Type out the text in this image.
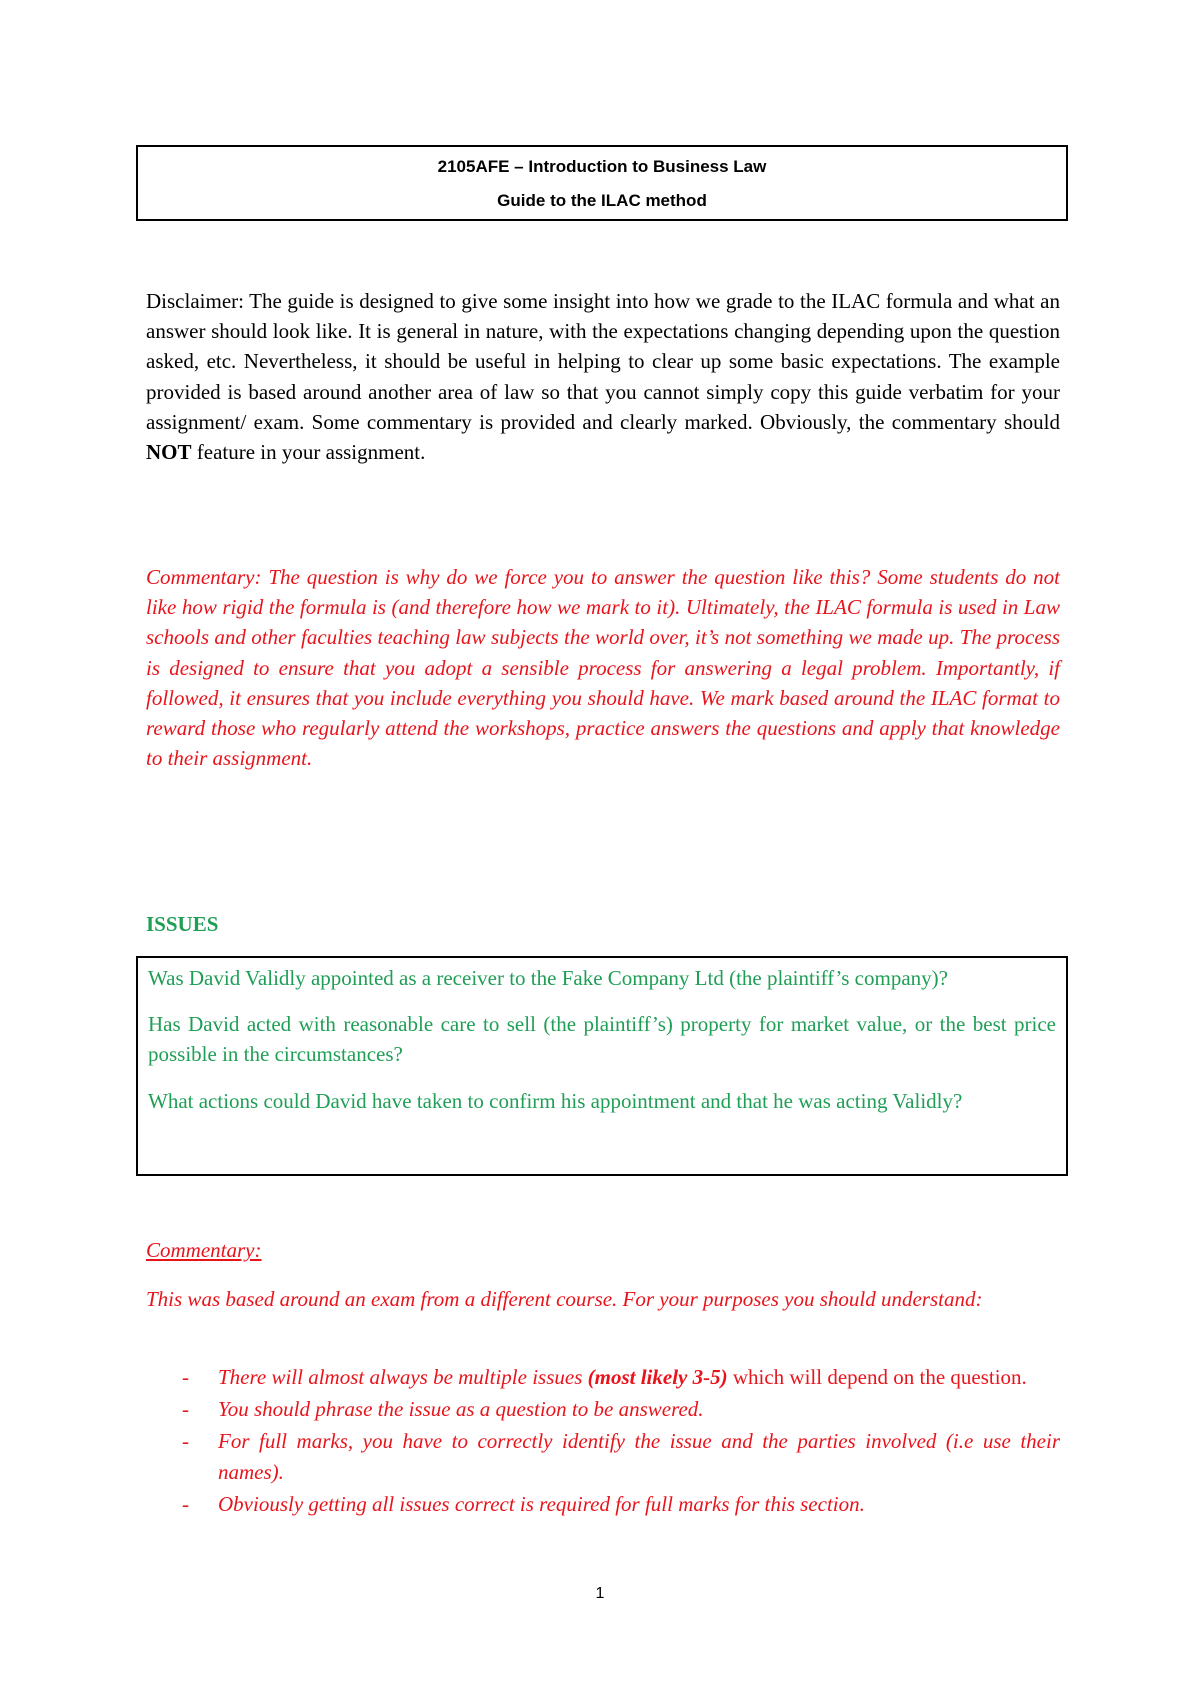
2105AFE – Introduction to Business Law
Guide to the ILAC method
Disclaimer: The guide is designed to give some insight into how we grade to the ILAC formula and what an answer should look like. It is general in nature, with the expectations changing depending upon the question asked, etc. Nevertheless, it should be useful in helping to clear up some basic expectations. The example provided is based around another area of law so that you cannot simply copy this guide verbatim for your assignment/ exam. Some commentary is provided and clearly marked. Obviously, the commentary should NOT feature in your assignment.
Commentary: The question is why do we force you to answer the question like this? Some students do not like how rigid the formula is (and therefore how we mark to it). Ultimately, the ILAC formula is used in Law schools and other faculties teaching law subjects the world over, it’s not something we made up. The process is designed to ensure that you adopt a sensible process for answering a legal problem. Importantly, if followed, it ensures that you include everything you should have. We mark based around the ILAC format to reward those who regularly attend the workshops, practice answers the questions and apply that knowledge to their assignment.
ISSUES

Was David Validly appointed as a receiver to the Fake Company Ltd (the plaintiff’s company)?

Has David acted with reasonable care to sell (the plaintiff’s) property for market value, or the best price possible in the circumstances?

What actions could David have taken to confirm his appointment and that he was acting Validly?

Commentary:
This was based around an exam from a different course. For your purposes you should understand:
- There will almost always be multiple issues (most likely 3-5) which will depend on the question.
- You should phrase the issue as a question to be answered.
- For full marks, you have to correctly identify the issue and the parties involved (i.e use their names).
- Obviously getting all issues correct is required for full marks for this section.
1
